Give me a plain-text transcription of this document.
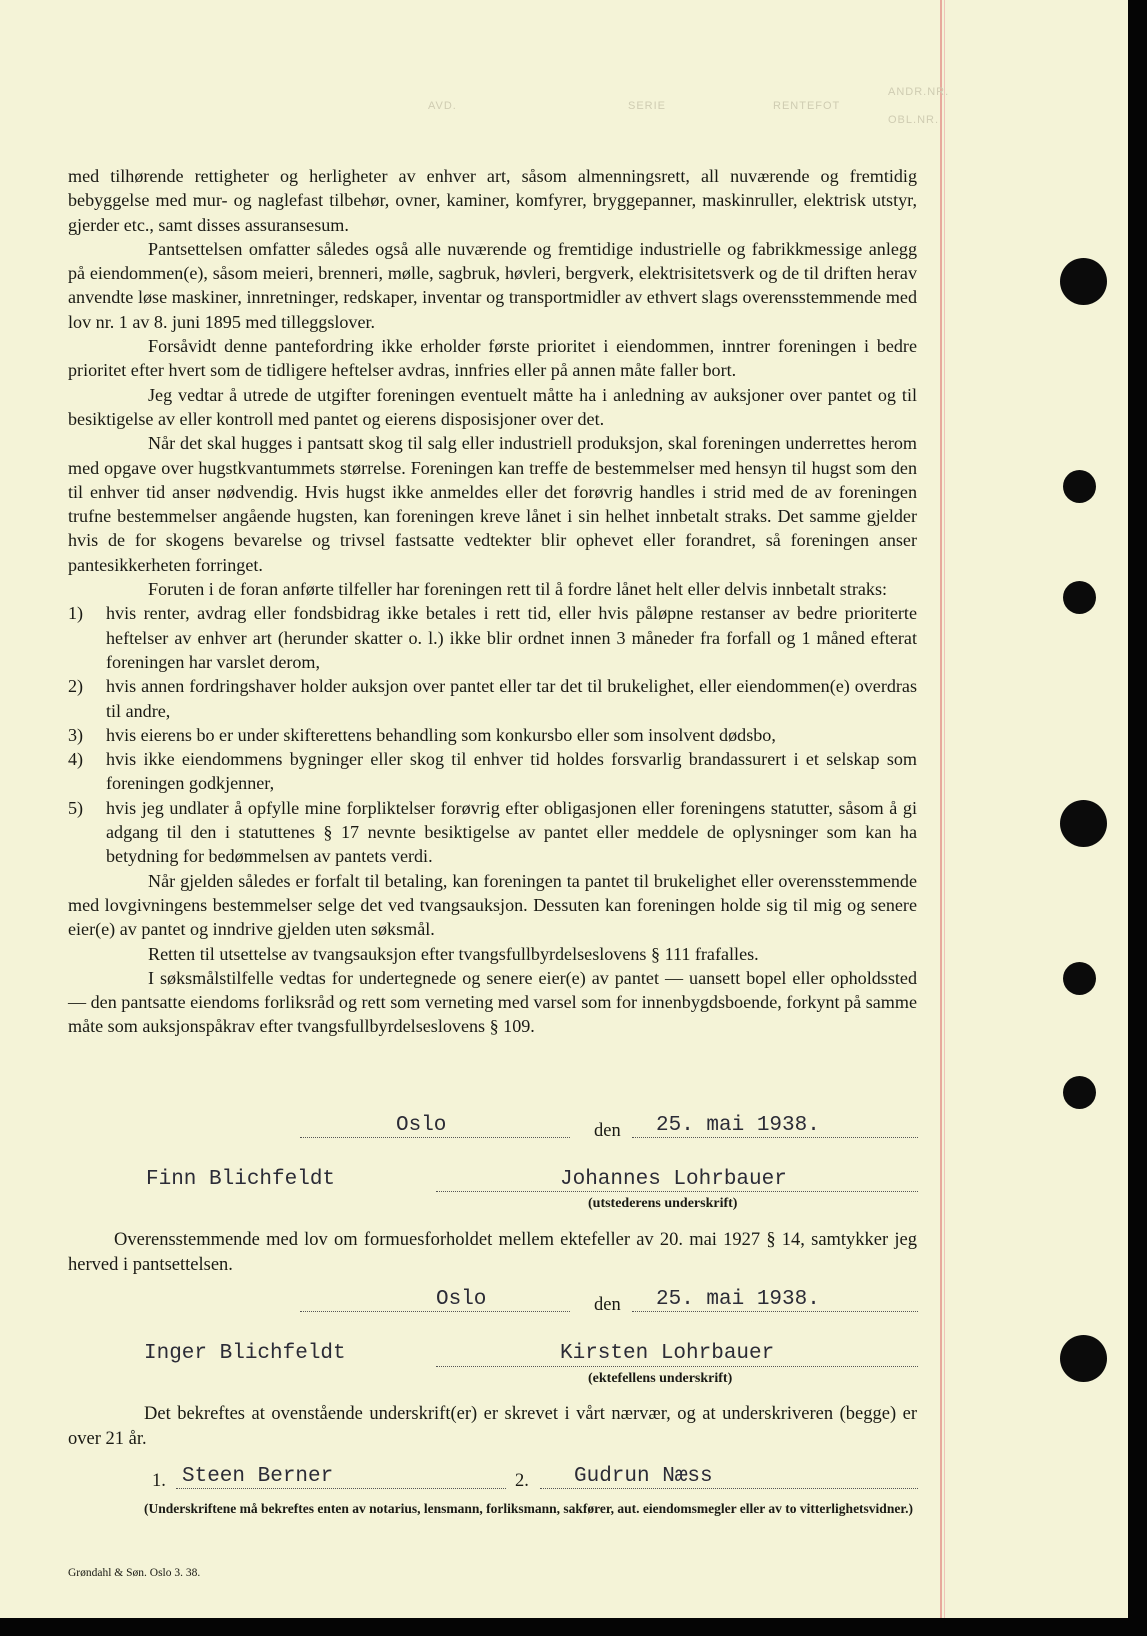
ANDR.NR.
OBL.NR.
RENTEFOT
SERIE
AVD.

med tilhørende rettigheter og herligheter av enhver art, såsom almenningsrett, all nuværende og fremtidig bebyggelse med mur- og naglefast tilbehør, ovner, kaminer, komfyrer, bryggepanner, maskinruller, elektrisk utstyr, gjerder etc., samt disses assuransesum.

Pantsettelsen omfatter således også alle nuværende og fremtidige industrielle og fabrikkmessige anlegg på eiendommen(e), såsom meieri, brenneri, mølle, sagbruk, høvleri, bergverk, elektrisitetsverk og de til driften herav anvendte løse maskiner, innretninger, redskaper, inventar og transportmidler av ethvert slags overensstemmende med lov nr. 1 av 8. juni 1895 med tilleggslover.

Forsåvidt denne pantefordring ikke erholder første prioritet i eiendommen, inntrer foreningen i bedre prioritet efter hvert som de tidligere heftelser avdras, innfries eller på annen måte faller bort.

Jeg vedtar å utrede de utgifter foreningen eventuelt måtte ha i anledning av auksjoner over pantet og til besiktigelse av eller kontroll med pantet og eierens disposisjoner over det.

Når det skal hugges i pantsatt skog til salg eller industriell produksjon, skal foreningen underrettes herom med opgave over hugstkvantummets størrelse. Foreningen kan treffe de bestemmelser med hensyn til hugst som den til enhver tid anser nødvendig. Hvis hugst ikke anmeldes eller det forøvrig handles i strid med de av foreningen trufne bestemmelser angående hugsten, kan foreningen kreve lånet i sin helhet innbetalt straks. Det samme gjelder hvis de for skogens bevarelse og trivsel fastsatte vedtekter blir ophevet eller forandret, så foreningen anser pantesikkerheten forringet.

Foruten i de foran anførte tilfeller har foreningen rett til å fordre lånet helt eller delvis innbetalt straks:

1)	hvis renter, avdrag eller fondsbidrag ikke betales i rett tid, eller hvis påløpne restanser av bedre prioriterte heftelser av enhver art (herunder skatter o. l.) ikke blir ordnet innen 3 måneder fra forfall og 1 måned efterat foreningen har varslet derom,
2)	hvis annen fordringshaver holder auksjon over pantet eller tar det til brukelighet, eller eiendommen(e) overdras til andre,
3)	hvis eierens bo er under skifterettens behandling som konkursbo eller som insolvent dødsbo,
4)	hvis ikke eiendommens bygninger eller skog til enhver tid holdes forsvarlig brandassurert i et selskap som foreningen godkjenner,
5)	hvis jeg undlater å opfylle mine forpliktelser forøvrig efter obligasjonen eller foreningens statutter, såsom å gi adgang til den i statuttenes § 17 nevnte besiktigelse av pantet eller meddele de oplysninger som kan ha betydning for bedømmelsen av pantets verdi.

Når gjelden således er forfalt til betaling, kan foreningen ta pantet til brukelighet eller overensstemmende med lovgivningens bestemmelser selge det ved tvangsauksjon. Dessuten kan foreningen holde sig til mig og senere eier(e) av pantet og inndrive gjelden uten søksmål.

Retten til utsettelse av tvangsauksjon efter tvangsfullbyrdelseslovens § 111 frafalles.

I søksmålstilfelle vedtas for undertegnede og senere eier(e) av pantet — uansett bopel eller opholdssted — den pantsatte eiendoms forliksråd og rett som verneting med varsel som for innenbygdsboende, forkynt på samme måte som auksjonspåkrav efter tvangsfullbyrdelseslovens § 109.

Oslo	den 25. mai 1938.
Finn Blichfeldt	Johannes Lohrbauer
(utstederens underskrift)
Overensstemmende med lov om formuesforholdet mellem ektefeller av 20. mai 1927 § 14, samtykker jeg herved i pantsettelsen.
Oslo	den 25. mai 1938.
Inger Blichfeldt	Kirsten Lohrbauer
(ektefellens underskrift)
Det bekreftes at ovenstående underskrift(er) er skrevet i vårt nærvær, og at underskriveren (begge) er over 21 år.
1. Steen Berner	2. Gudrun Næss
(Underskriftene må bekreftes enten av notarius, lensmann, forliksmann, sakfører, aut. eiendomsmegler eller av to vitterlighetsvidner.)
Grøndahl & Søn. Oslo 3. 38.
